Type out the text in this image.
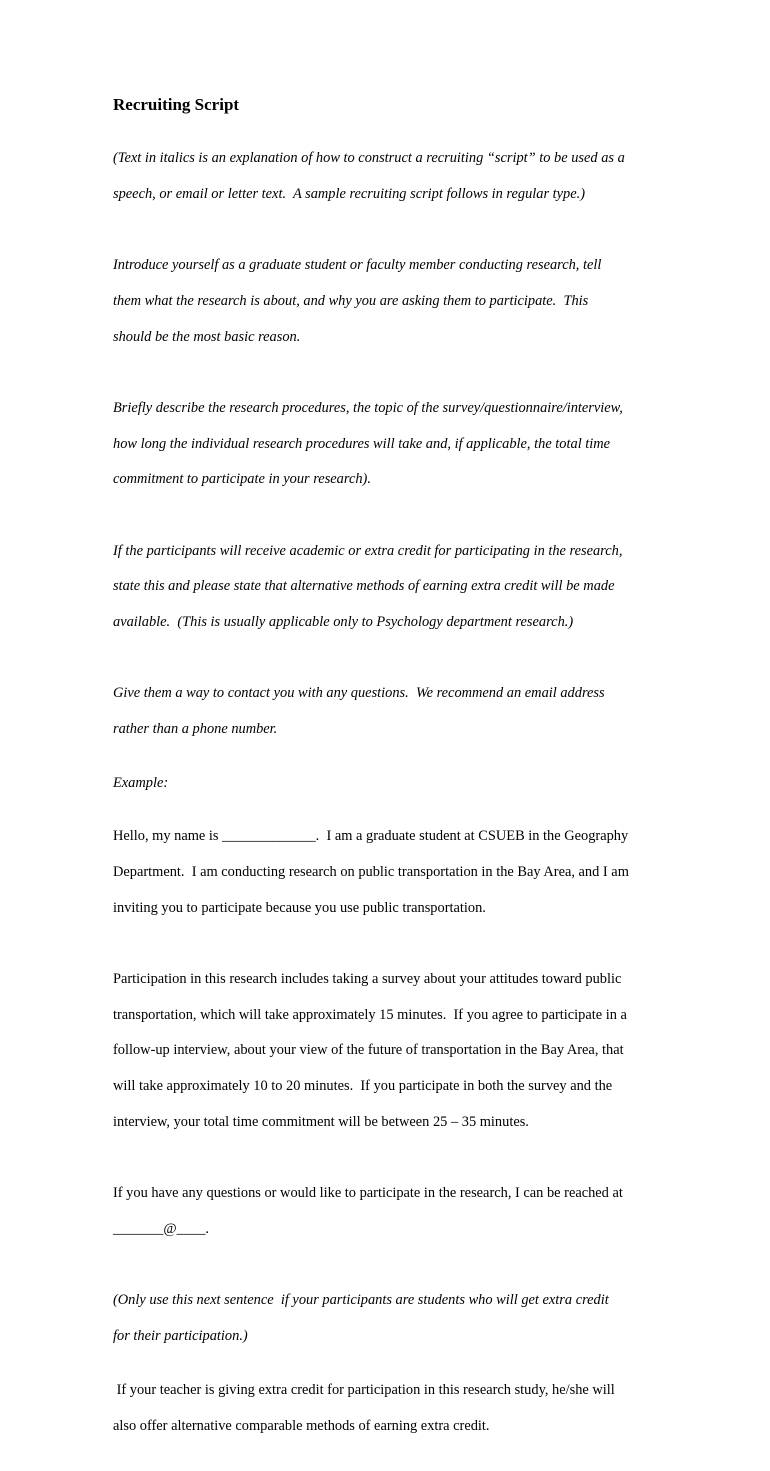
Recruiting Script

(Text in italics is an explanation of how to construct a recruiting “script” to be used as a

speech, or email or letter text.  A sample recruiting script follows in regular type.)

Introduce yourself as a graduate student or faculty member conducting research, tell

them what the research is about, and why you are asking them to participate.  This

should be the most basic reason.

Briefly describe the research procedures, the topic of the survey/questionnaire/interview,

how long the individual research procedures will take and, if applicable, the total time

commitment to participate in your research).

If the participants will receive academic or extra credit for participating in the research,

state this and please state that alternative methods of earning extra credit will be made

available.  (This is usually applicable only to Psychology department research.)

Give them a way to contact you with any questions.  We recommend an email address

rather than a phone number.

Example:

Hello, my name is _____________.  I am a graduate student at CSUEB in the Geography

Department.  I am conducting research on public transportation in the Bay Area, and I am

inviting you to participate because you use public transportation.

Participation in this research includes taking a survey about your attitudes toward public

transportation, which will take approximately 15 minutes.  If you agree to participate in a

follow-up interview, about your view of the future of transportation in the Bay Area, that

will take approximately 10 to 20 minutes.  If you participate in both the survey and the

interview, your total time commitment will be between 25 – 35 minutes.

If you have any questions or would like to participate in the research, I can be reached at

_______@____.

(Only use this next sentence  if your participants are students who will get extra credit

for their participation.)

If your teacher is giving extra credit for participation in this research study, he/she will

also offer alternative comparable methods of earning extra credit.
